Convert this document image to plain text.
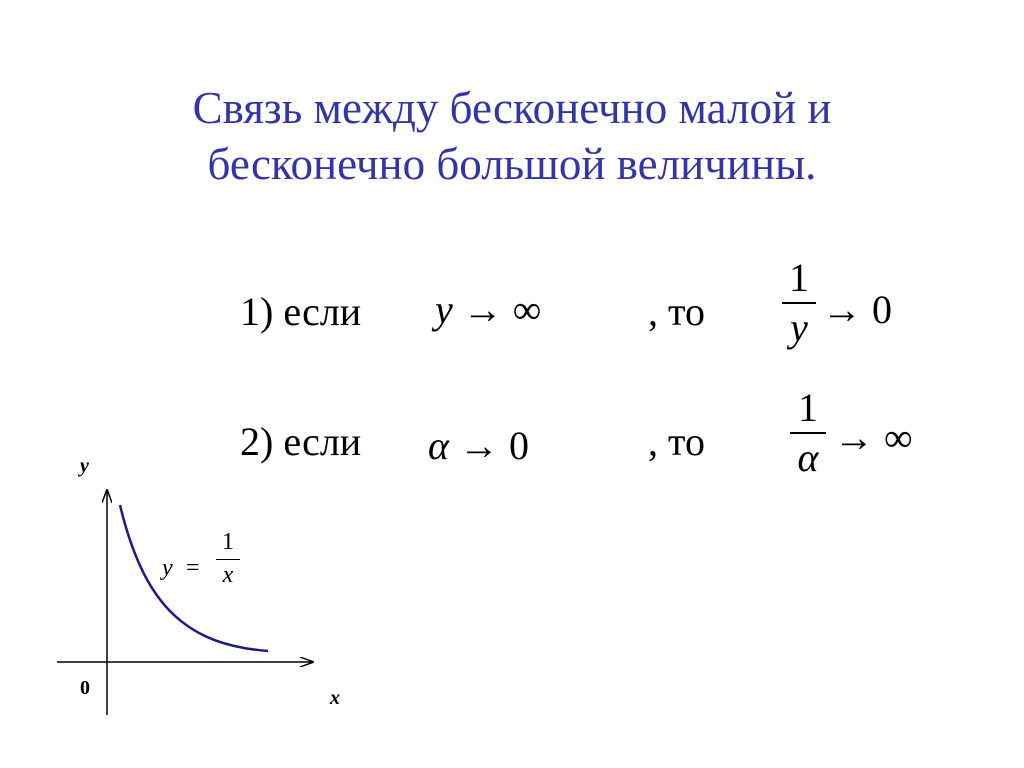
Связь между бесконечно малой и
бесконечно большой величины.
1) если y → ∞	, то
1
y → 0
2) если α → 0	, то
1
α → ∞
y
x
0
y =
1
x
